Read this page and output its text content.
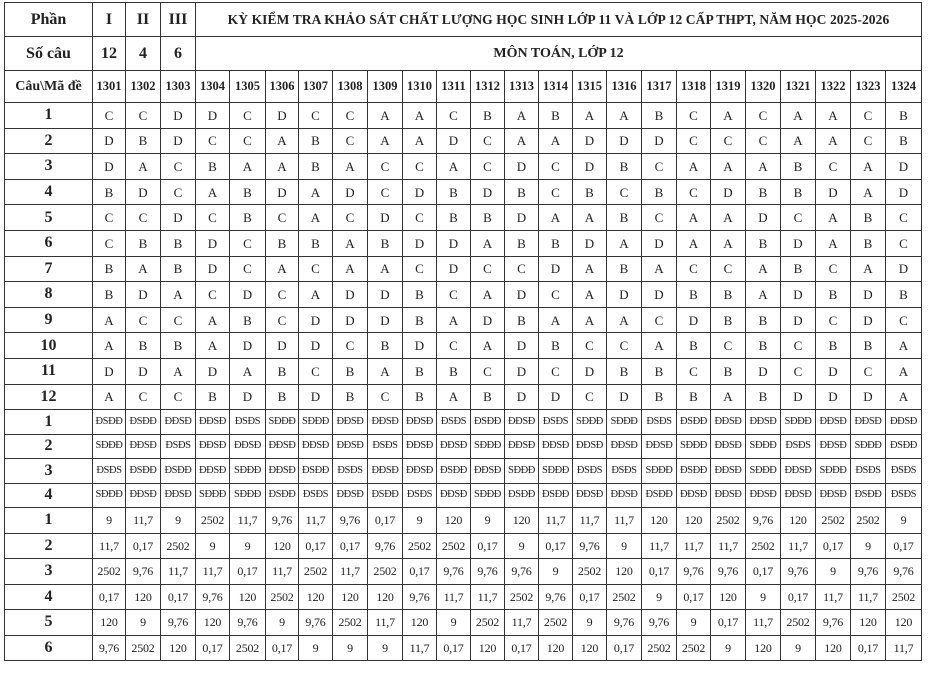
Phần	I	II	III	KỲ KIỂM TRA KHẢO SÁT CHẤT LƯỢNG HỌC SINH LỚP 11 VÀ LỚP 12 CẤP THPT, NĂM HỌC 2025-2026																				
Số câu	12	4	6	MÔN TOÁN, LỚP 12																				
Câu\Mã đề	1301	1302	1303	1304	1305	1306	1307	1308	1309	1310	1311	1312	1313	1314	1315	1316	1317	1318	1319	1320	1321	1322	1323	1324
1	C	C	D	D	C	D	C	C	A	A	C	B	A	B	A	A	B	C	A	C	A	A	C	B
2	D	B	D	C	C	A	B	C	A	A	D	C	A	A	D	D	D	C	C	C	A	A	C	B
3	D	A	C	B	A	A	B	A	C	C	A	C	D	C	D	B	C	A	A	A	B	C	A	D
4	B	D	C	A	B	D	A	D	C	D	B	D	B	C	B	C	B	C	D	B	B	D	A	D
5	C	C	D	C	B	C	A	C	D	C	B	B	D	A	A	B	C	A	A	D	C	A	B	C
6	C	B	B	D	C	B	B	A	B	D	D	A	B	B	D	A	D	A	A	B	D	A	B	C
7	B	A	B	D	C	A	C	A	A	C	D	C	C	D	A	B	A	C	C	A	B	C	A	D
8	B	D	A	C	D	C	A	D	D	B	C	A	D	C	A	D	D	B	B	A	D	B	D	B
9	A	C	C	A	B	C	D	D	D	B	A	D	B	A	A	A	C	D	B	B	D	C	D	C
10	A	B	B	A	D	D	D	C	B	D	C	A	D	B	C	C	A	B	C	B	C	B	B	A
11	D	D	A	D	A	B	C	B	A	B	B	C	D	C	D	B	B	C	B	D	C	D	C	A
12	A	C	C	B	D	B	D	B	C	B	A	B	D	D	C	D	B	B	A	B	D	D	D	A
1	ĐSĐĐ	ĐSĐĐ	ĐĐSĐ	ĐĐSĐ	ĐSĐS	SĐĐĐ	SĐĐĐ	ĐĐSĐ	ĐĐSĐ	ĐĐSĐ	ĐSĐS	ĐSĐĐ	ĐĐSĐ	ĐSĐS	SĐĐĐ	SĐĐĐ	ĐSĐS	ĐSĐĐ	ĐĐSĐ	ĐĐSĐ	SĐĐĐ	ĐĐSĐ	ĐĐSĐ	ĐĐSĐ
2	SĐĐĐ	ĐĐSĐ	ĐSĐS	ĐĐSĐ	ĐĐSĐ	ĐĐSĐ	ĐĐSĐ	ĐĐSĐ	ĐSĐS	ĐĐSĐ	ĐĐSĐ	SĐĐĐ	ĐĐSĐ	ĐĐSĐ	ĐĐSĐ	ĐĐSĐ	ĐĐSĐ	SĐĐĐ	ĐĐSĐ	SĐĐĐ	ĐSĐS	ĐĐSĐ	SĐĐĐ	ĐSĐĐ
3	ĐSĐS	ĐSĐĐ	ĐSĐĐ	ĐĐSĐ	SĐĐĐ	ĐĐSĐ	ĐSĐĐ	ĐSĐS	ĐĐSĐ	ĐĐSĐ	ĐSĐĐ	ĐĐSĐ	SĐĐĐ	SĐĐĐ	ĐSĐS	ĐSĐS	SĐĐĐ	ĐSĐĐ	ĐĐSĐ	SĐĐĐ	ĐĐSĐ	SĐĐĐ	ĐSĐS	ĐSĐS
4	SĐĐĐ	ĐĐSĐ	ĐĐSĐ	SĐĐĐ	SĐĐĐ	ĐSĐĐ	ĐSĐS	ĐĐSĐ	ĐSĐĐ	ĐSĐS	ĐĐSĐ	SĐĐĐ	ĐSĐĐ	ĐSĐĐ	ĐĐSĐ	ĐĐSĐ	ĐSĐĐ	ĐĐSĐ	ĐĐSĐ	ĐĐSĐ	ĐĐSĐ	ĐĐSĐ	ĐSĐĐ	ĐSĐS
1	9	11,7	9	2502	11,7	9,76	11,7	9,76	0,17	9	120	9	120	11,7	11,7	11,7	120	120	2502	9,76	120	2502	2502	9
2	11,7	0,17	2502	9	9	120	0,17	0,17	9,76	2502	2502	0,17	9	0,17	9,76	9	11,7	11,7	11,7	2502	11,7	0,17	9	0,17
3	2502	9,76	11,7	11,7	0,17	11,7	2502	11,7	2502	0,17	9,76	9,76	9,76	9	2502	120	0,17	9,76	9,76	0,17	9,76	9	9,76	9,76
4	0,17	120	0,17	9,76	120	2502	120	120	120	9,76	11,7	11,7	2502	9,76	0,17	2502	9	0,17	120	9	0,17	11,7	11,7	2502
5	120	9	9,76	120	9,76	9	9,76	2502	11,7	120	9	2502	11,7	2502	9	9,76	9,76	9	0,17	11,7	2502	9,76	120	120
6	9,76	2502	120	0,17	2502	0,17	9	9	9	11,7	0,17	120	0,17	120	120	0,17	2502	2502	9	120	9	120	0,17	11,7
